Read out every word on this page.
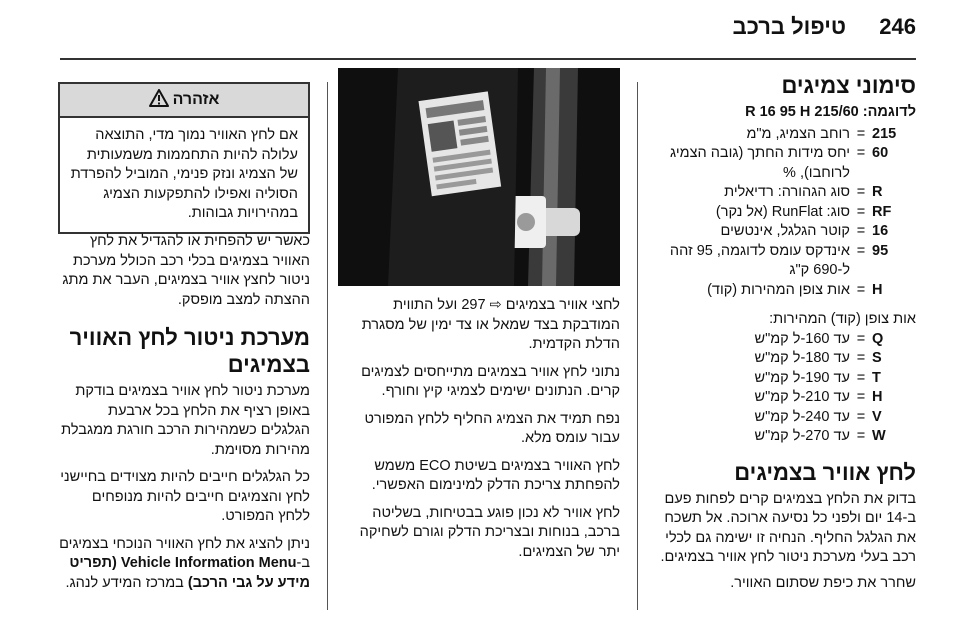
246
טיפול ברכב
סימוני צמיגים

לדוגמה: 215/60 R 16 95 H

215
=
רוחב הצמיג, מ"מ
60
=
יחס מידות החתך (גובה הצמיג לרוחבו), %
R
=
סוג הגהורה: רדיאלית
RF
=
סוג: RunFlat (אל נקר)
16
=
קוטר הגלגל, אינטשים
95
=
אינדקס עומס לדוגמה, 95 זהה ל-690 ק"ג
H
=
אות צופן המהירות (קוד)

אות צופן (קוד) המהירות:

Q
=
עד 160-ל קמ"ש
S
=
עד 180-ל קמ"ש
T
=
עד 190-ל קמ"ש
H
=
עד 210-ל קמ"ש
V
=
עד 240-ל קמ"ש
W
=
עד 270-ל קמ"ש
לחץ אוויר בצמיגים

בדוק את הלחץ בצמיגים קרים לפחות פעם ב-14 יום ולפני כל נסיעה ארוכה. אל תשכח את הגלגל החליף. הנחיה זו ישימה גם לכלי רכב בעלי מערכת ניטור לחץ אוויר בצמיגים.

שחרר את כיפת שסתום האוויר.

לחצי אוויר בצמיגים ⇨ 297 ועל התווית המודבקת בצד שמאל או צד ימין של מסגרת הדלת הקדמית.

נתוני לחץ אוויר בצמיגים מתייחסים לצמיגים קרים. הנתונים ישימים לצמיגי קיץ וחורף.

נפח תמיד את הצמיג החליף ללחץ המפורט עבור עומס מלא.

לחץ האוויר בצמיגים בשיטת ECO משמש להפחתת צריכת הדלק למינימום האפשרי.

לחץ אוויר לא נכון פוגע בבטיחות, בשליטה ברכב, בנוחות ובצריכת הדלק וגורם לשחיקה יתר של הצמיגים.

אזהרה
אם לחץ האוויר נמוך מדי, התוצאה עלולה להיות התחממות משמעותית של הצמיג ונזק פנימי, המוביל להפרדת הסוליה ואפילו להתפקעות הצמיג במהירויות גבוהות.

כאשר יש להפחית או להגדיל את לחץ האוויר בצמיגים בכלי רכב הכולל מערכת ניטור לחצץ אוויר בצמיגים, העבר את מתג ההצתה למצב מופסק.

מערכת ניטור לחץ האוויר בצמיגים

מערכת ניטור לחץ אוויר בצמיגים בודקת באופן רציף את הלחץ בכל ארבעת הגלגלים כשמהירות הרכב חורגת ממגבלת מהירות מסוימת.

כל הגלגלים חייבים להיות מצוידים בחיישני לחץ והצמיגים חייבים להיות מנופחים ללחץ המפורט.

ניתן להציג את לחץ האוויר הנוכחי בצמיגים ב-Vehicle Information Menu (תפריט מידע על גבי הרכב) במרכז המידע לנהג.
